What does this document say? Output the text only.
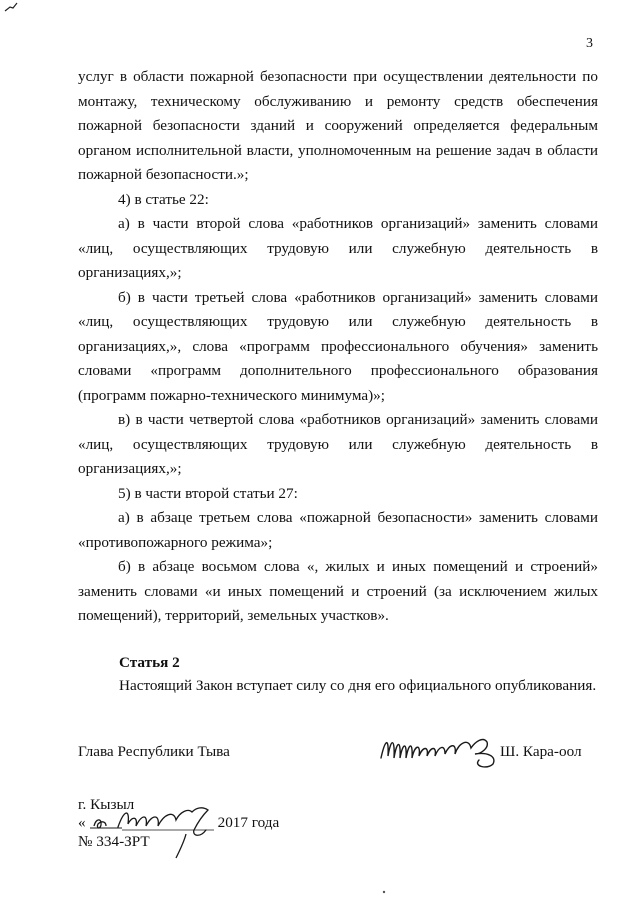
3

услуг в области пожарной безопасности при осуществлении деятельности по монтажу, техническому обслуживанию и ремонту средств обеспечения пожарной безопасности зданий и сооружений определяется федеральным органом исполнительной власти, уполномоченным на решение задач в области пожарной безопасности.»;

4) в статье 22:

а) в части второй слова «работников организаций» заменить словами «лиц, осуществляющих трудовую или служебную деятельность в организациях,»;

б) в части третьей слова «работников организаций» заменить словами «лиц, осуществляющих трудовую или служебную деятельность в организациях,», слова «программ профессионального обучения» заменить словами «программ дополнительного профессионального образования (программ пожарно-технического минимума)»;

в) в части четвертой слова «работников организаций» заменить словами «лиц, осуществляющих трудовую или служебную деятельность в организациях,»;

5) в части второй статьи 27:

а) в абзаце третьем слова «пожарной безопасности» заменить словами «противопожарного режима»;

б) в абзаце восьмом слова «, жилых и иных помещений и строений» заменить словами «и иных помещений и строений (за исключением жилых помещений), территорий, земельных участков».

Статья 2

Настоящий Закон вступает силу со дня его официального опубликования.

Глава Республики Тыва	Ш. Кара-оол
г. Кызыл
«	2017 года
№ 334-ЗРТ
